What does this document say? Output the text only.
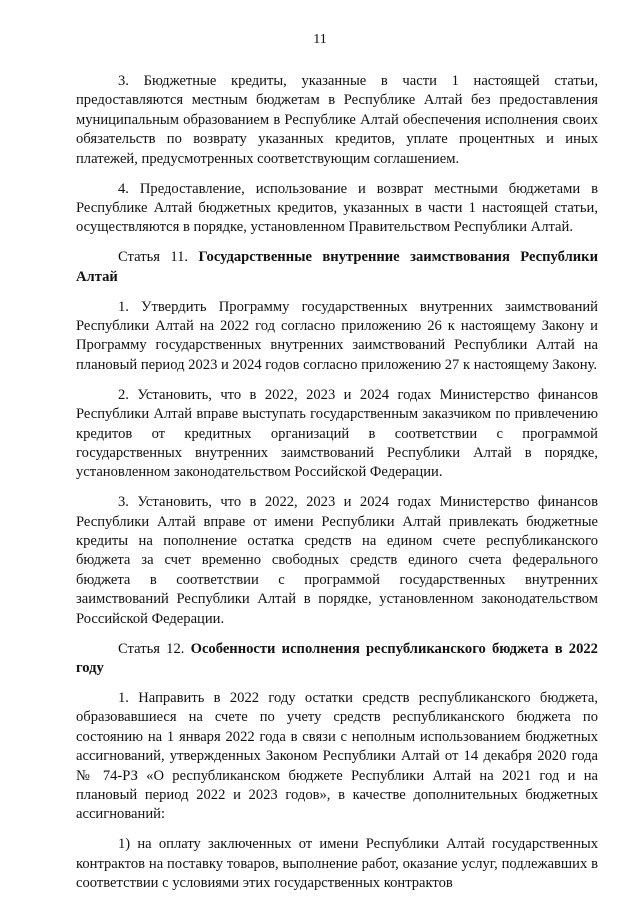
11

3. Бюджетные кредиты, указанные в части 1 настоящей статьи, предоставляются местным бюджетам в Республике Алтай без предоставления муниципальным образованием в Республике Алтай обеспечения исполнения своих обязательств по возврату указанных кредитов, уплате процентных и иных платежей, предусмотренных соответствующим соглашением.

4. Предоставление, использование и возврат местными бюджетами в Республике Алтай бюджетных кредитов, указанных в части 1 настоящей статьи, осуществляются в порядке, установленном Правительством Республики Алтай.

Статья 11. Государственные внутренние заимствования Республики Алтай

1. Утвердить Программу государственных внутренних заимствований Республики Алтай на 2022 год согласно приложению 26 к настоящему Закону и Программу государственных внутренних заимствований Республики Алтай на плановый период 2023 и 2024 годов согласно приложению 27 к настоящему Закону.

2. Установить, что в 2022, 2023 и 2024 годах Министерство финансов Республики Алтай вправе выступать государственным заказчиком по привлечению кредитов от кредитных организаций в соответствии с программой государственных внутренних заимствований Республики Алтай в порядке, установленном законодательством Российской Федерации.

3. Установить, что в 2022, 2023 и 2024 годах Министерство финансов Республики Алтай вправе от имени Республики Алтай привлекать бюджетные кредиты на пополнение остатка средств на едином счете республиканского бюджета за счет временно свободных средств единого счета федерального бюджета в соответствии с программой государственных внутренних заимствований Республики Алтай в порядке, установленном законодательством Российской Федерации.

Статья 12. Особенности исполнения республиканского бюджета в 2022 году

1. Направить в 2022 году остатки средств республиканского бюджета, образовавшиеся на счете по учету средств республиканского бюджета по состоянию на 1 января 2022 года в связи с неполным использованием бюджетных ассигнований, утвержденных Законом Республики Алтай от 14 декабря 2020 года № 74-РЗ «О республиканском бюджете Республики Алтай на 2021 год и на плановый период 2022 и 2023 годов», в качестве дополнительных бюджетных ассигнований:

1) на оплату заключенных от имени Республики Алтай государственных контрактов на поставку товаров, выполнение работ, оказание услуг, подлежавших в соответствии с условиями этих государственных контрактов
